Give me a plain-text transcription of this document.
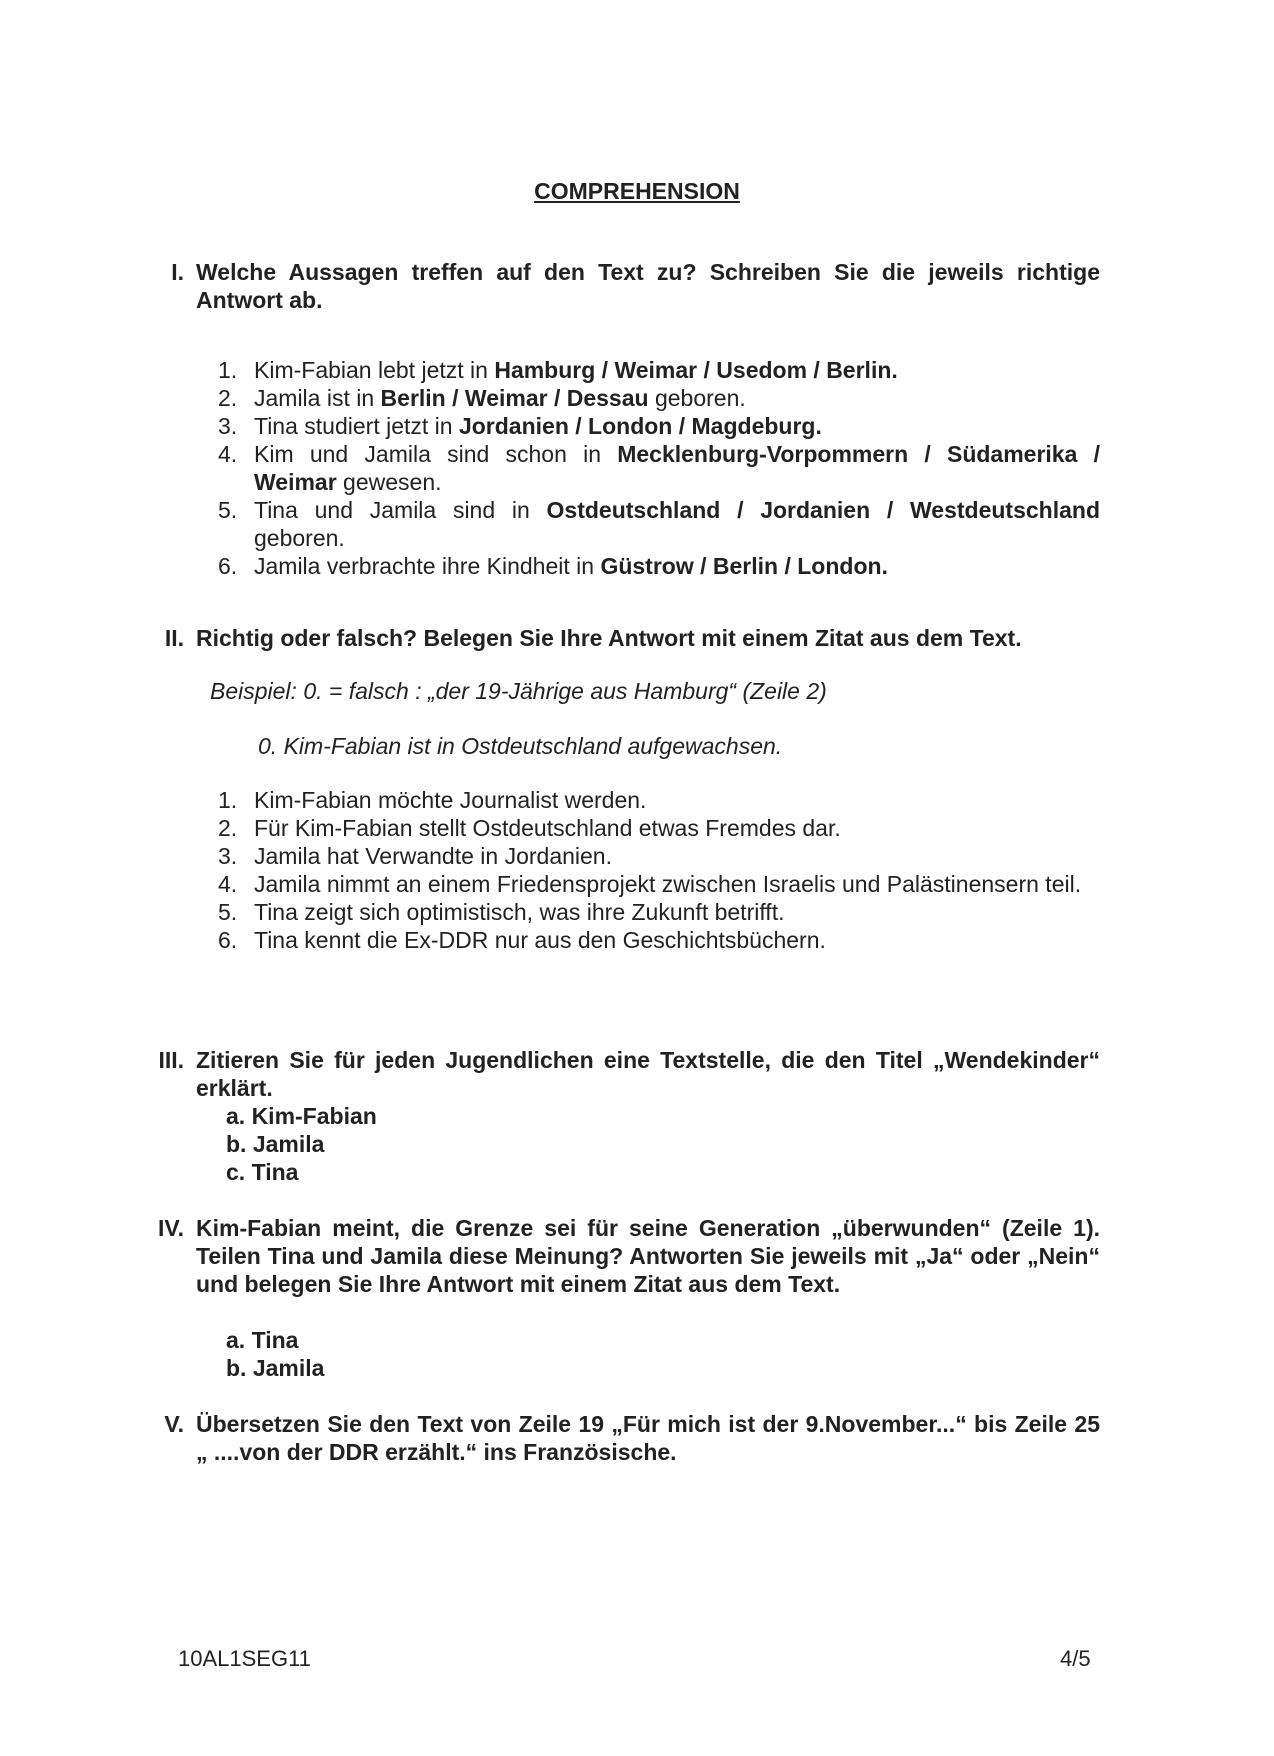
COMPREHENSION
I. Welche Aussagen treffen auf den Text zu? Schreiben Sie die jeweils richtige Antwort ab.
1. Kim-Fabian lebt jetzt in Hamburg / Weimar / Usedom / Berlin.
2. Jamila ist in Berlin / Weimar / Dessau geboren.
3. Tina studiert jetzt in Jordanien / London / Magdeburg.
4. Kim und Jamila sind schon in Mecklenburg-Vorpommern / Südamerika / Weimar gewesen.
5. Tina und Jamila sind in Ostdeutschland / Jordanien / Westdeutschland geboren.
6. Jamila verbrachte ihre Kindheit in Güstrow / Berlin / London.
II. Richtig oder falsch? Belegen Sie Ihre Antwort mit einem Zitat aus dem Text.
Beispiel: 0. = falsch : „der 19-Jährige aus Hamburg“ (Zeile 2)
0. Kim-Fabian ist in Ostdeutschland aufgewachsen.
1. Kim-Fabian möchte Journalist werden.
2. Für Kim-Fabian stellt Ostdeutschland etwas Fremdes dar.
3. Jamila hat Verwandte in Jordanien.
4. Jamila nimmt an einem Friedensprojekt zwischen Israelis und Palästinensern teil.
5. Tina zeigt sich optimistisch, was ihre Zukunft betrifft.
6. Tina kennt die Ex-DDR nur aus den Geschichtsbüchern.
III. Zitieren Sie für jeden Jugendlichen eine Textstelle, die den Titel „Wendekinder“ erklärt.
a. Kim-Fabian
b. Jamila
c. Tina
IV. Kim-Fabian meint, die Grenze sei für seine Generation „überwunden“ (Zeile 1). Teilen Tina und Jamila diese Meinung? Antworten Sie jeweils mit „Ja“ oder „Nein“ und belegen Sie Ihre Antwort mit einem Zitat aus dem Text.
a. Tina
b. Jamila
V. Übersetzen Sie den Text von Zeile 19 „Für mich ist der 9.November...“ bis Zeile 25 „ ....von der DDR erzählt.“ ins Französische.
10AL1SEG11	4/5
